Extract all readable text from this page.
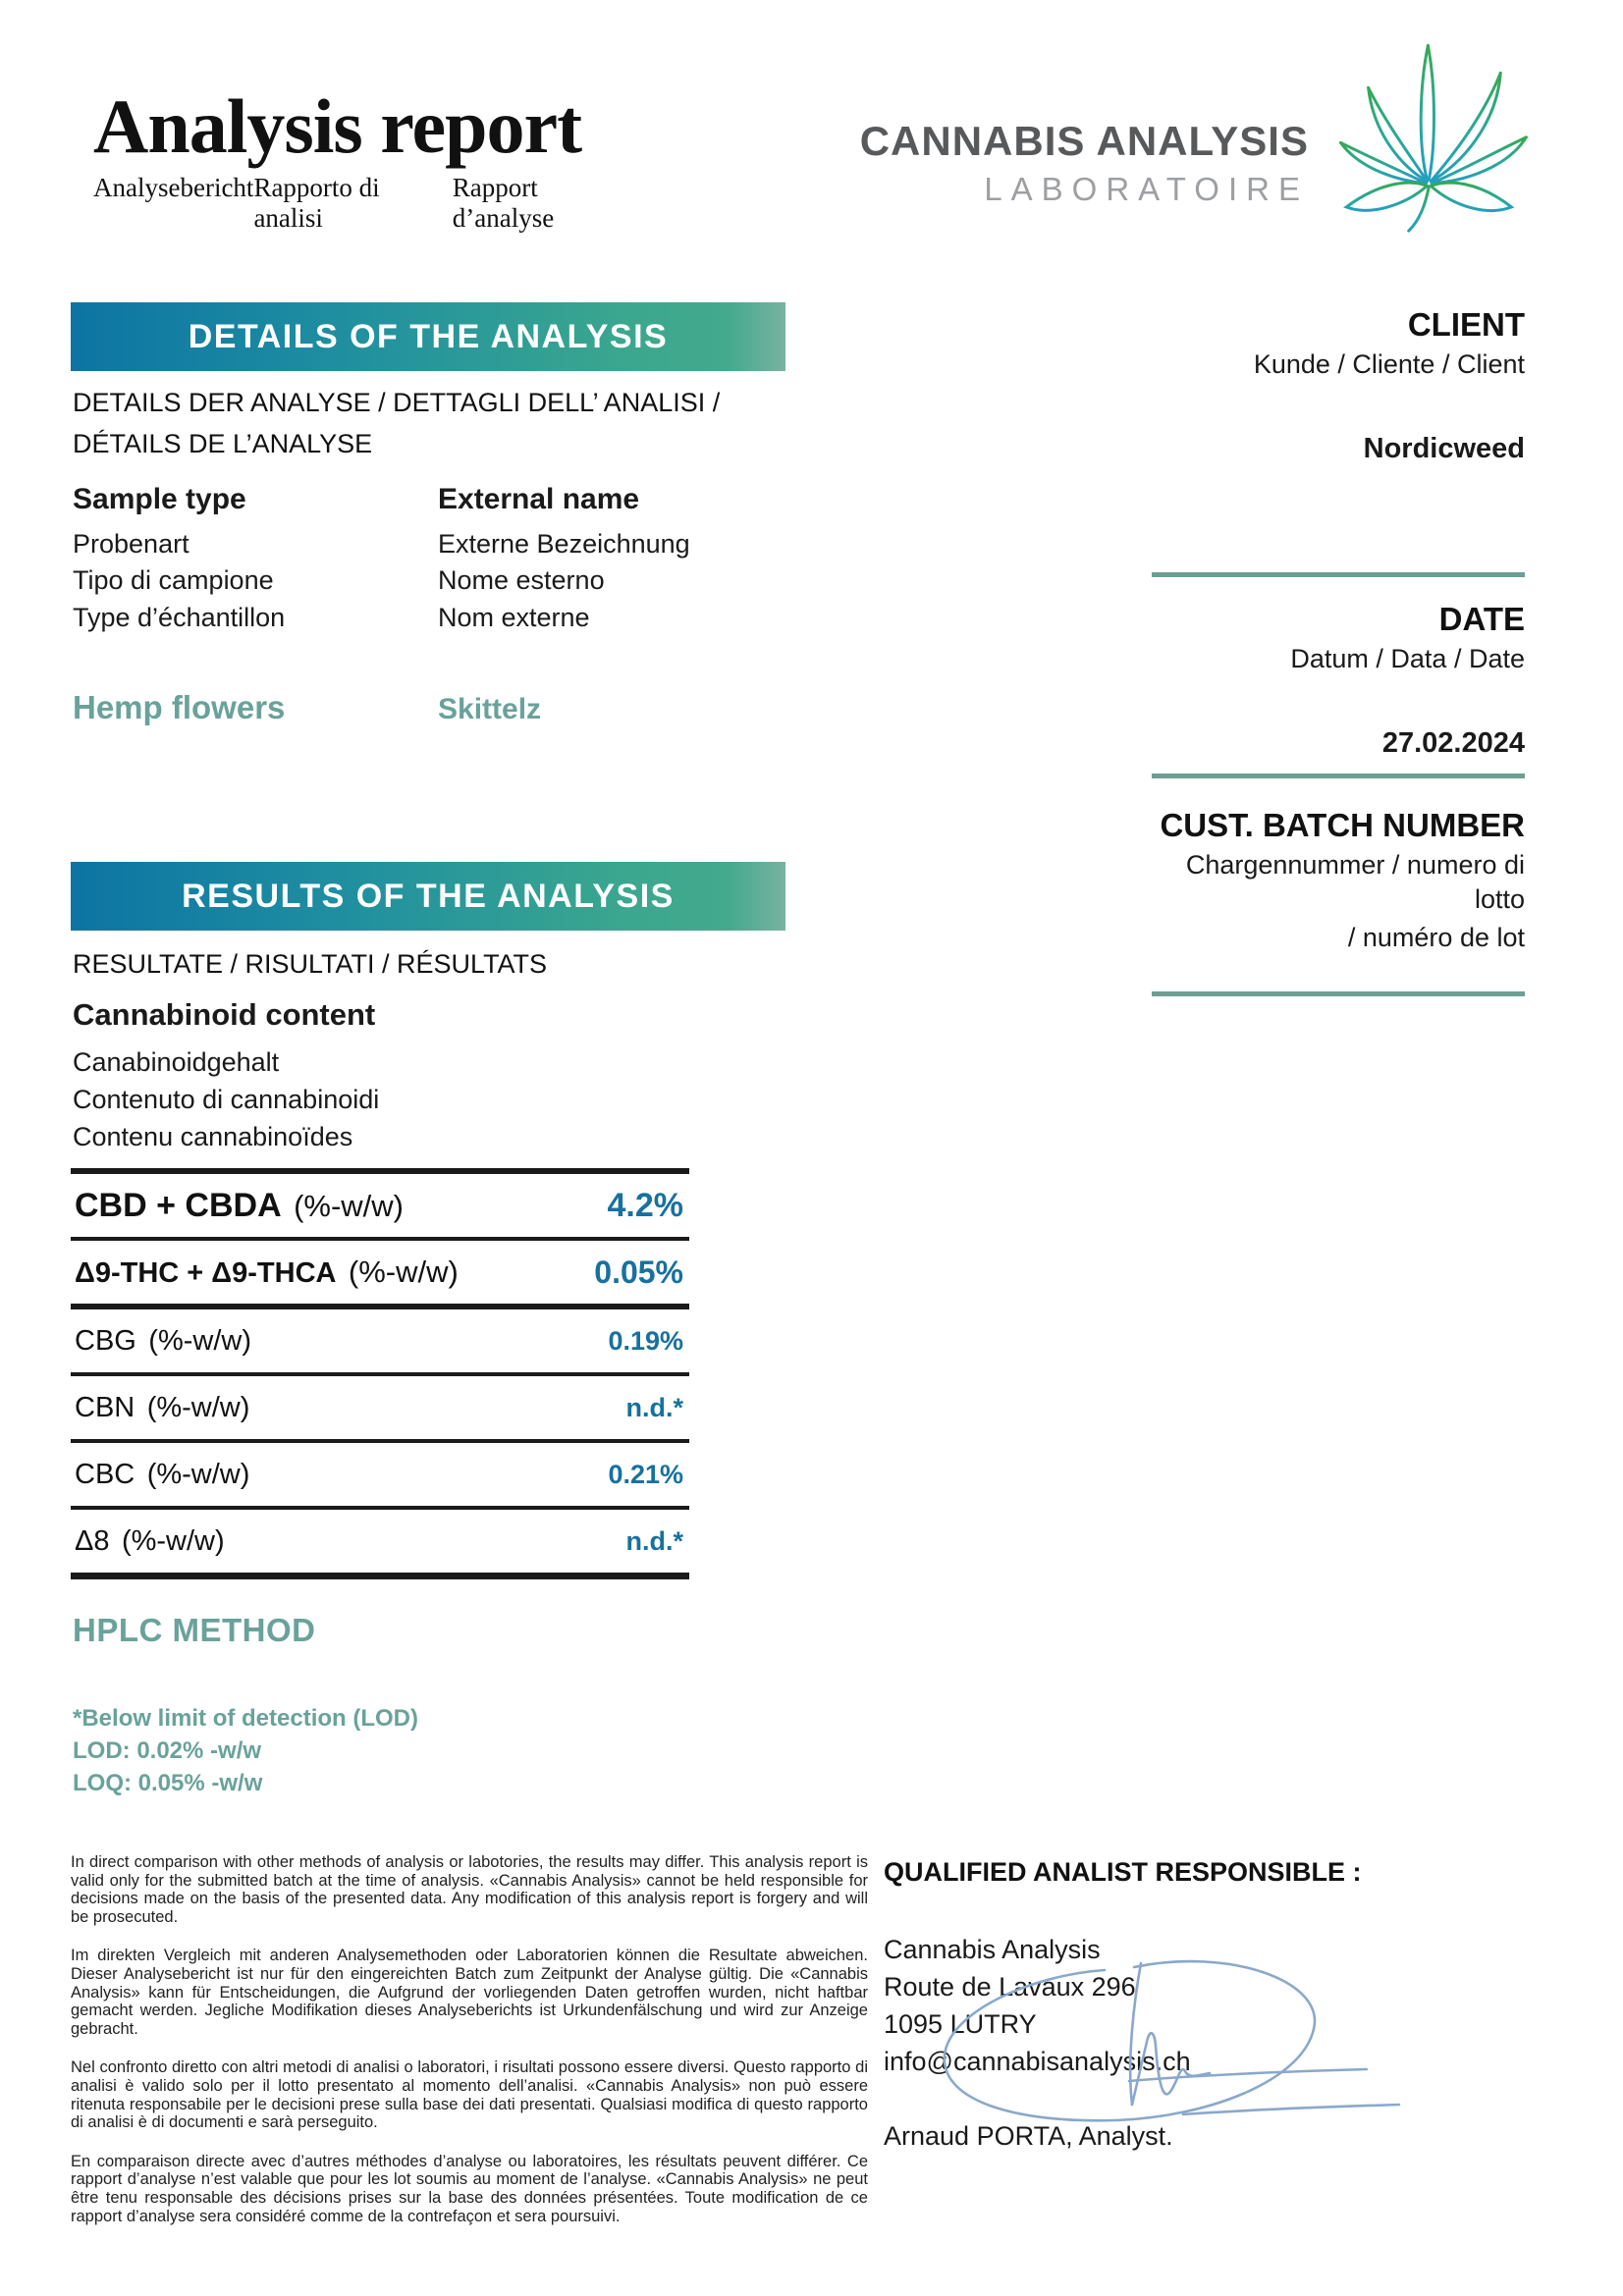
Analysis report
Analysebericht Rapporto di analisi
Rapport d’analyse
CANNABIS ANALYSIS
LABORATOIRE
DETAILS OF THE ANALYSIS
DETAILS DER ANALYSE / DETTAGLI DELL’ ANALISI / DÉTAILS DE L’ANALYSE
Sample type
Probenart
Tipo di campione
Type d’échantillon
External name
Externe Bezeichnung
Nome esterno
Nom externe
Hemp flowers	Skittelz
CLIENT
Kunde / Cliente / Client
Nordicweed
DATE
Datum / Data / Date
27.02.2024
CUST. BATCH NUMBER
Chargennummer / numero di lotto
/ numéro de lot
RESULTS OF THE ANALYSIS
RESULTATE / RISULTATI / RÉSULTATS
Cannabinoid content
Canabinoidgehalt
Contenuto di cannabinoidi
Contenu cannabinoïdes
CBD + CBDA (%-w/w)	4.2%
Δ9-THC + Δ9-THCA (%-w/w)	0.05%
CBG (%-w/w)	0.19%
CBN (%-w/w)	n.d.*
CBC (%-w/w)	0.21%
Δ8 (%-w/w)	n.d.*
HPLC METHOD
*Below limit of detection (LOD)
LOD: 0.02% -w/w
LOQ: 0.05% -w/w

In direct comparison with other methods of analysis or labotories, the results may differ. This analysis report is valid only for the submitted batch at the time of analysis. «Cannabis Analysis» cannot be held responsible for decisions made on the basis of the presented data. Any modification of this analysis report is forgery and will be prosecuted.

Im direkten Vergleich mit anderen Analysemethoden oder Laboratorien können die Resultate abweichen. Dieser Analysebericht ist nur für den eingereichten Batch zum Zeitpunkt der Analyse gültig. Die «Cannabis Analysis» kann für Entscheidungen, die Aufgrund der vorliegenden Daten getroffen wurden, nicht haftbar gemacht werden. Jegliche Modifikation dieses Analyseberichts ist Urkundenfälschung und wird zur Anzeige gebracht.

Nel confronto diretto con altri metodi di analisi o laboratori, i risultati possono essere diversi. Questo rapporto di analisi è valido solo per il lotto presentato al momento dell’analisi. «Cannabis Analysis» non può essere ritenuta responsabile per le decisioni prese sulla base dei dati presentati. Qualsiasi modifica di questo rapporto di analisi è di documenti e sarà perseguito.

En comparaison directe avec d’autres méthodes d’analyse ou laboratoires, les résultats peuvent différer. Ce rapport d’analyse n’est valable que pour les lot soumis au moment de l’analyse. «Cannabis Analysis» ne peut être tenu responsable des décisions prises sur la base des données présentées. Toute modification de ce rapport d’analyse sera considéré comme de la contrefaçon et sera poursuivi.

QUALIFIED ANALIST RESPONSIBLE :
Cannabis Analysis
Route de Lavaux 296
1095 LUTRY
info@cannabisanalysis.ch
Arnaud PORTA, Analyst.
